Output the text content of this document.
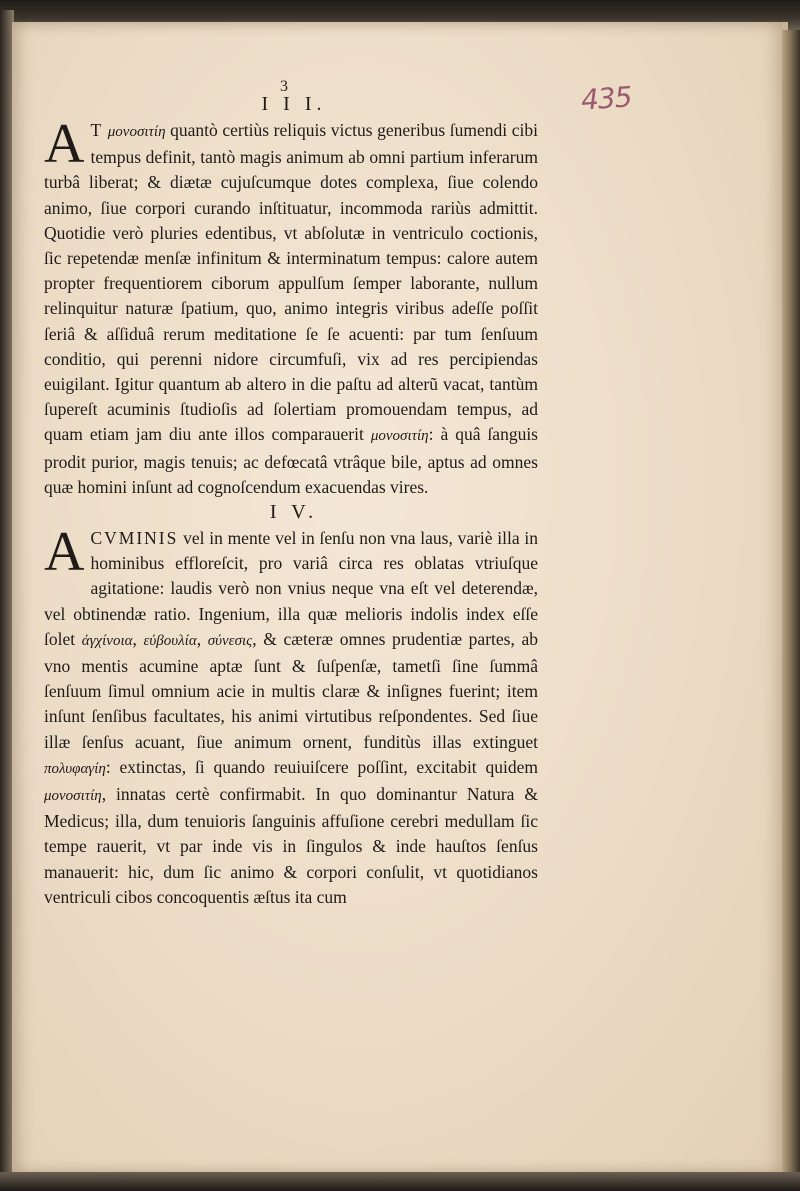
435
3
I I I.

A T μονοσιτίη quantò certiùs reliquis victus generibus ſumendi cibi tempus definit, tantò magis animum ab omni partium inferarum turbâ liberat; & diætæ cujuſcumque dotes complexa, ſiue colendo animo, ſiue corpori curando inſtituatur, incommoda rariùs admittit. Quotidie verò pluries edentibus, vt abſolutæ in ventriculo coctionis, ſic repetendæ menſæ infinitum & interminatum tempus: calore autem propter frequentiorem ciborum appulſum ſemper laborante, nullum relinquitur naturæ ſpatium, quo, animo integris viribus adeſſe poſſit ſeriâ & aſſiduâ rerum meditatione ſe ſe acuenti: par tum ſenſuum conditio, qui perenni nidore circumfuſi, vix ad res percipiendas euigilant. Igitur quantum ab altero in die paſtu ad alterũ vacat, tantùm ſupereſt acuminis ſtudioſis ad ſolertiam promouendam tempus, ad quam etiam jam diu ante illos comparauerit μονοσιτίη: à quâ ſanguis prodit purior, magis tenuis; ac defœcatâ vtrâque bile, aptus ad omnes quæ homini inſunt ad cognoſcendum exacuendas vires.

I V.

ACVMINIS vel in mente vel in ſenſu non vna laus, variè illa in hominibus effloreſcit, pro variâ circa res oblatas vtriuſque agitatione: laudis verò non vnius neque vna eſt vel deterendæ, vel obtinendæ ratio. Ingenium, illa quæ melioris indolis index eſſe ſolet ἀγχίνοια, εὐβουλία, σύνεσις, & cæteræ omnes prudentiæ partes, ab vno mentis acumine aptæ ſunt & ſuſpenſæ, tametſi ſine ſummâ ſenſuum ſimul omnium acie in multis claræ & inſignes fuerint; item inſunt ſenſibus facultates, his animi virtutibus reſpondentes. Sed ſiue illæ ſenſus acuant, ſiue animum ornent, funditùs illas extinguet πολυφαγίη: extinctas, ſi quando reuiuiſcere poſſint, excitabit quidem μονοσιτίη, innatas certè confirmabit. In quo dominantur Natura & Medicus; illa, dum tenuioris ſanguinis affuſione cerebri medullam ſic tempe rauerit, vt par inde vis in ſingulos & inde hauſtos ſenſus manauerit: hic, dum ſic animo & corpori conſulit, vt quotidianos ventriculi cibos concoquentis æſtus ita cum
